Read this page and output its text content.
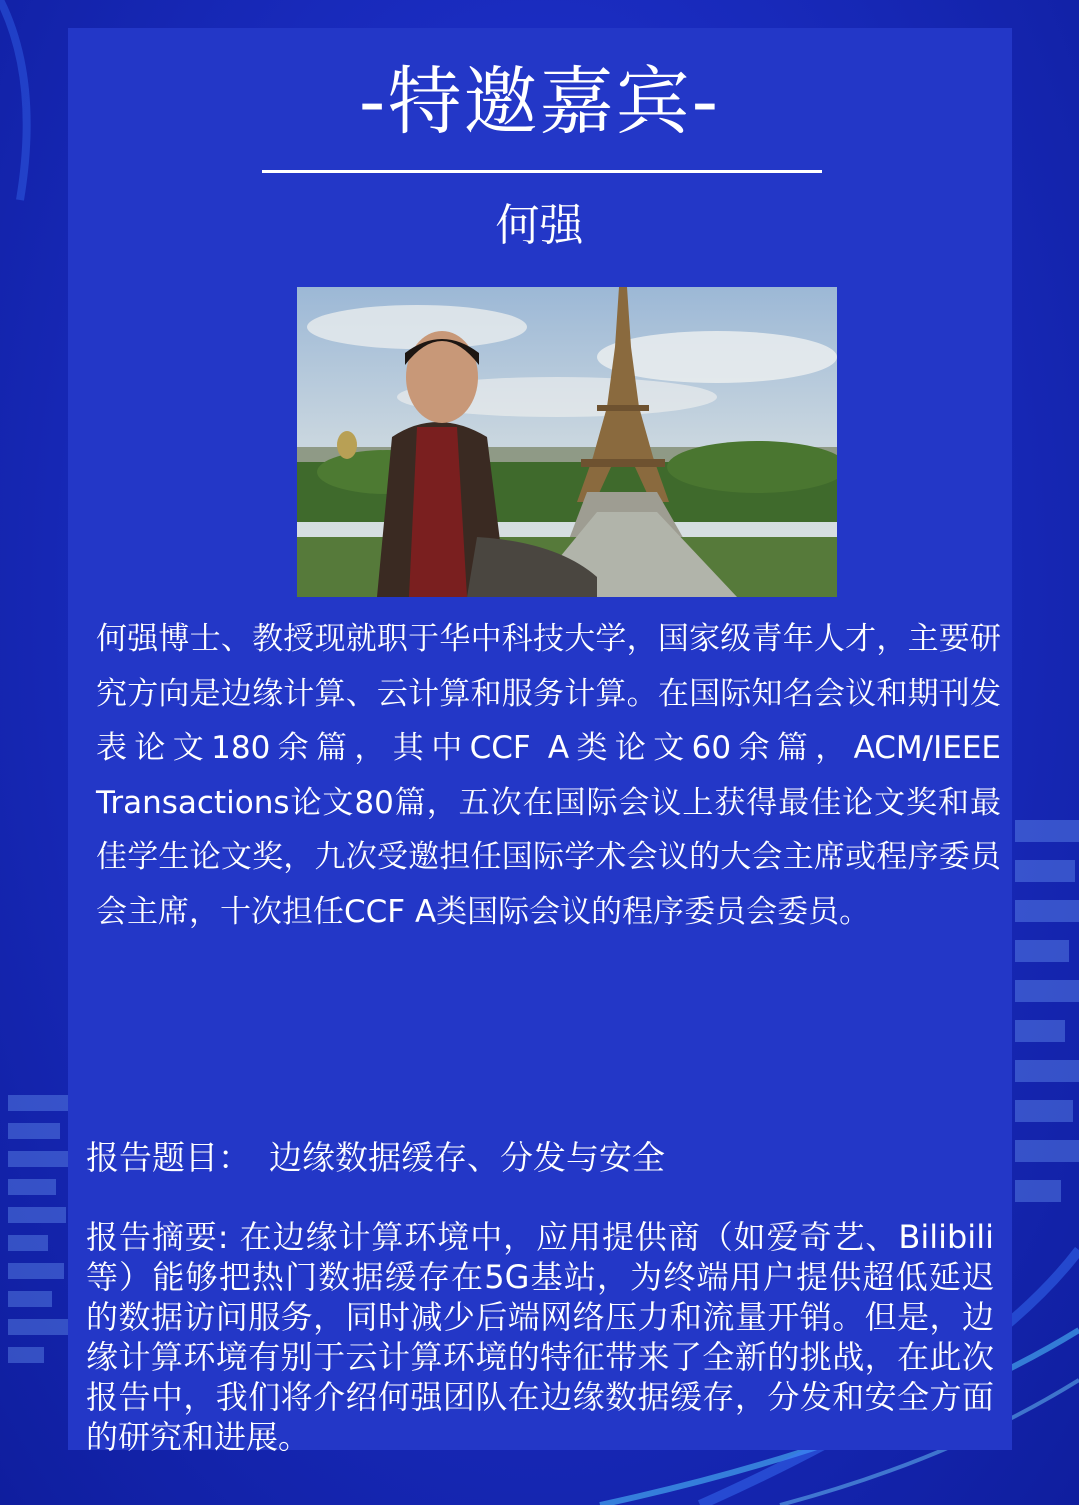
-特邀嘉宾-
何强
何强博士、教授现就职于华中科技大学，国家级青年人才，主要研究方向是边缘计算、云计算和服务计算。在国际知名会议和期刊发表论文180余篇，其中CCF A类论文60余篇，ACM/IEEE Transactions论文80篇，五次在国际会议上获得最佳论文奖和最佳学生论文奖，九次受邀担任国际学术会议的大会主席或程序委员会主席，十次担任CCF A类国际会议的程序委员会委员。
报告题目： 边缘数据缓存、分发与安全
报告摘要: 在边缘计算环境中，应用提供商（如爱奇艺、Bilibili等）能够把热门数据缓存在5G基站，为终端用户提供超低延迟的数据访问服务，同时减少后端网络压力和流量开销。但是，边缘计算环境有别于云计算环境的特征带来了全新的挑战，在此次报告中，我们将介绍何强团队在边缘数据缓存，分发和安全方面的研究和进展。
